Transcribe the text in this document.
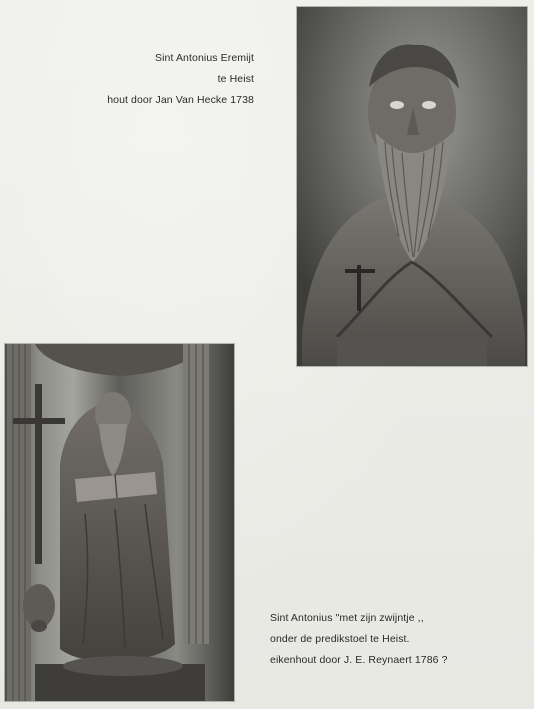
Sint Antonius Eremijt
te Heist
hout door Jan Van Hecke 1738
Sint Antonius "met zijn zwijntje ,,
onder de predikstoel te Heist.
eikenhout door J. E. Reynaert 1786 ?
